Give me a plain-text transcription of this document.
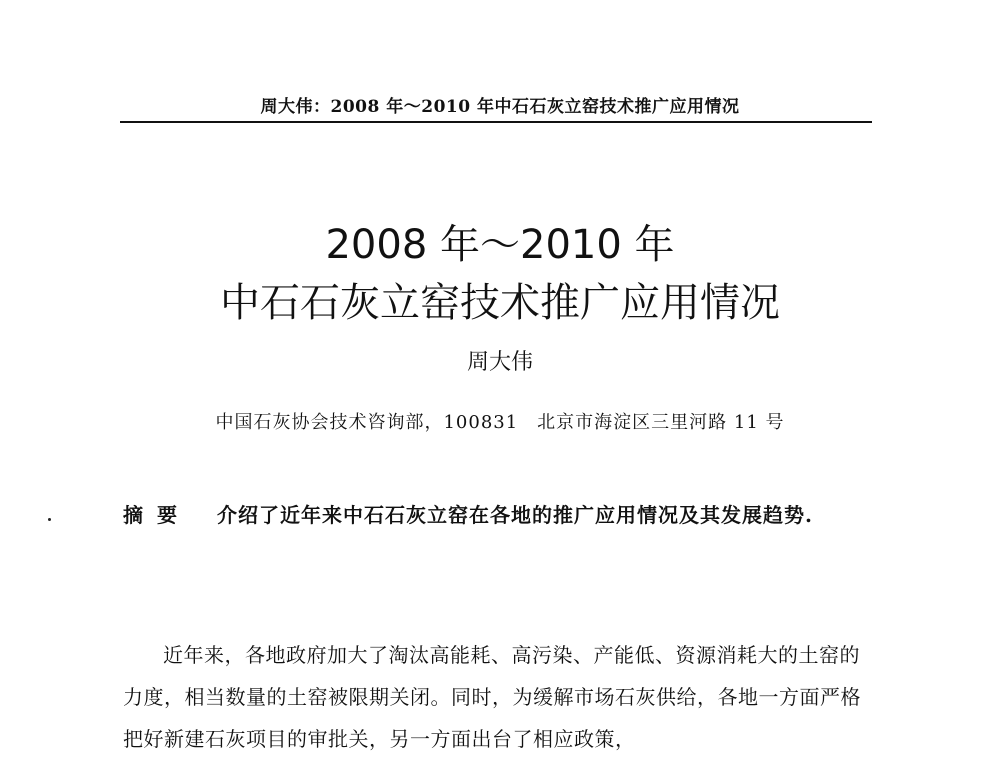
周大伟：2008 年～2010 年中石石灰立窑技术推广应用情况
2008 年～2010 年
中石石灰立窑技术推广应用情况
周大伟
中国石灰协会技术咨询部，100831　北京市海淀区三里河路 11 号
摘要 介绍了近年来中石石灰立窑在各地的推广应用情况及其发展趋势.
近年来，各地政府加大了淘汰高能耗、高污染、产能低、资源消耗大的土窑的力度，相当数量的土窑被限期关闭。同时，为缓解市场石灰供给，各地一方面严格把好新建石灰项目的审批关，另一方面出台了相应政策，
